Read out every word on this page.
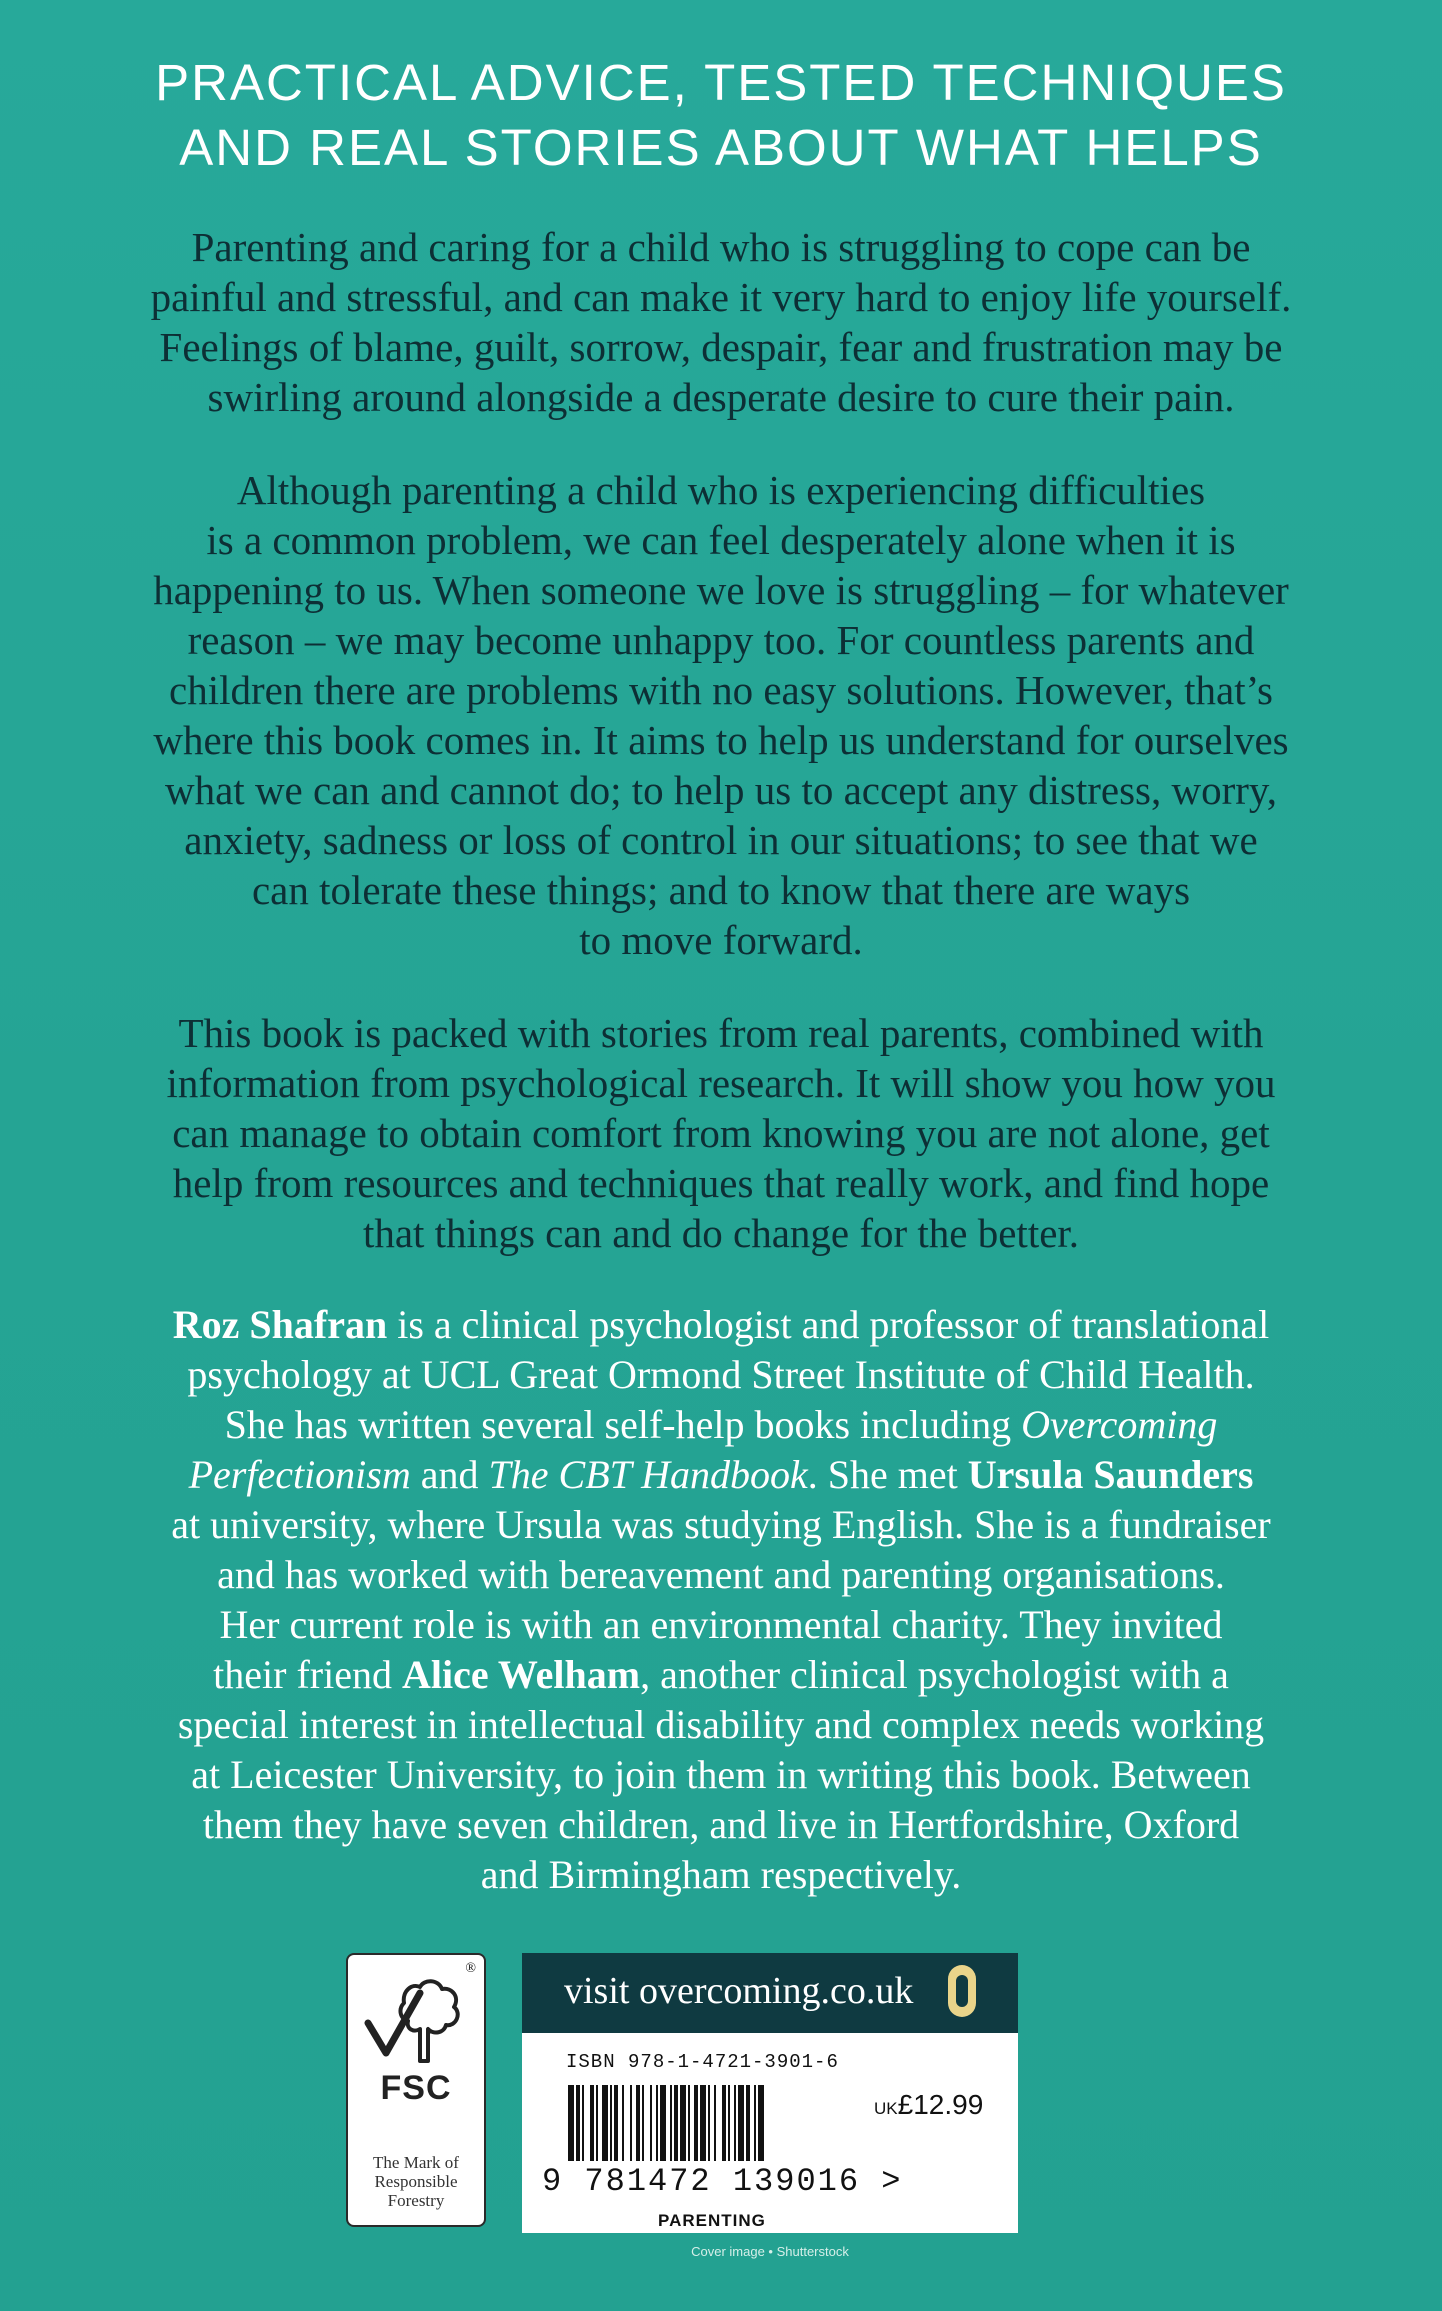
PRACTICAL ADVICE, TESTED TECHNIQUES
AND REAL STORIES ABOUT WHAT HELPS
Parenting and caring for a child who is struggling to cope can be
painful and stressful, and can make it very hard to enjoy life yourself.
Feelings of blame, guilt, sorrow, despair, fear and frustration may be
swirling around alongside a desperate desire to cure their pain.
Although parenting a child who is experiencing difficulties
is a common problem, we can feel desperately alone when it is
happening to us. When someone we love is struggling – for whatever
reason – we may become unhappy too. For countless parents and
children there are problems with no easy solutions. However, that’s
where this book comes in. It aims to help us understand for ourselves
what we can and cannot do; to help us to accept any distress, worry,
anxiety, sadness or loss of control in our situations; to see that we
can tolerate these things; and to know that there are ways
to move forward.
This book is packed with stories from real parents, combined with
information from psychological research. It will show you how you
can manage to obtain comfort from knowing you are not alone, get
help from resources and techniques that really work, and find hope
that things can and do change for the better.
Roz Shafran is a clinical psychologist and professor of translational
psychology at UCL Great Ormond Street Institute of Child Health.
She has written several self-help books including Overcoming
Perfectionism and The CBT Handbook. She met Ursula Saunders
at university, where Ursula was studying English. She is a fundraiser
and has worked with bereavement and parenting organisations.
Her current role is with an environmental charity. They invited
their friend Alice Welham, another clinical psychologist with a
special interest in intellectual disability and complex needs working
at Leicester University, to join them in writing this book. Between
them they have seven children, and live in Hertfordshire, Oxford
and Birmingham respectively.
®
FSC
The Mark of
Responsible
Forestry
visit overcoming.co.uk
ISBN 978-1-4721-3901-6
UK£12.99
9 781472 139016 >
PARENTING
Cover image • Shutterstock
